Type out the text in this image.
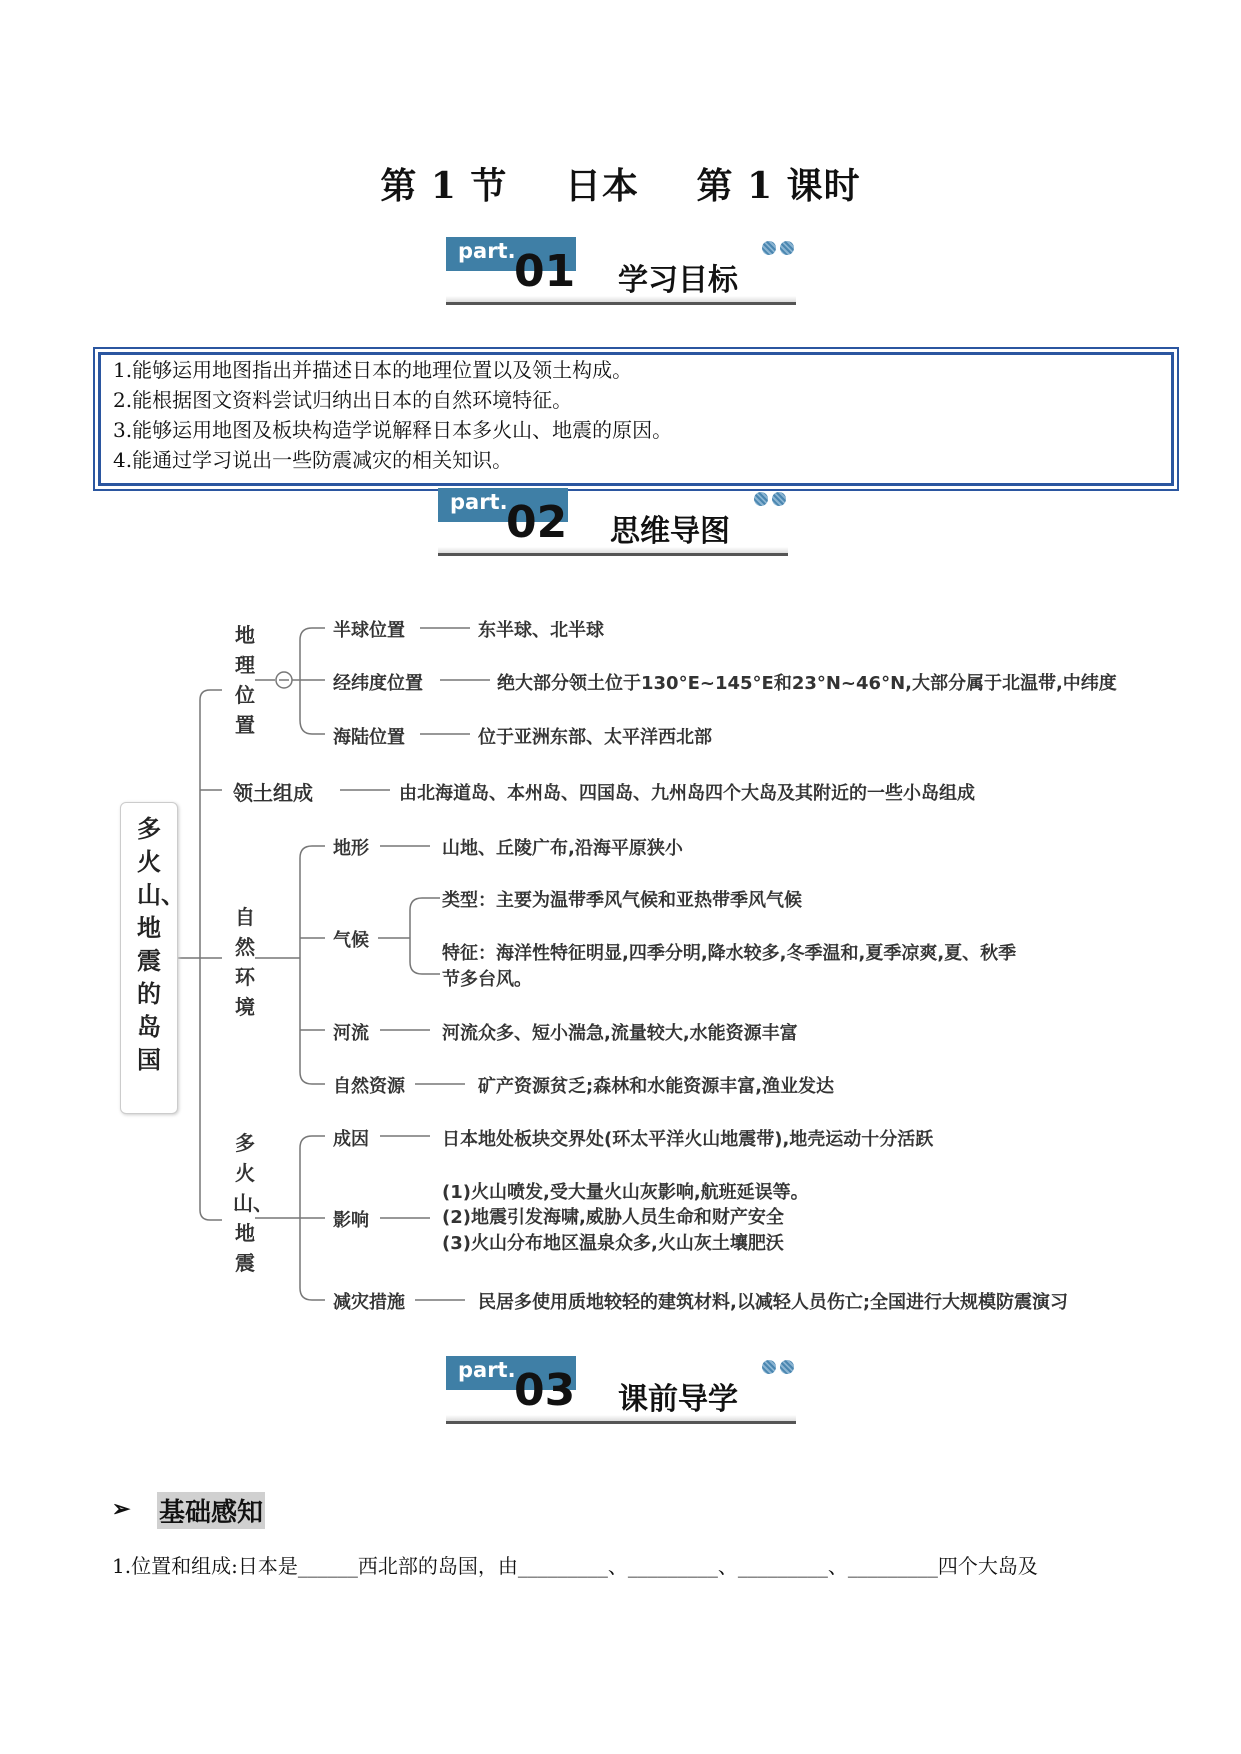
第 1 节 日本 第 1 课时
part.
01 学习目标
1.能够运用地图指出并描述日本的地理位置以及领土构成。
2.能根据图文资料尝试归纳出日本的自然环境特征。
3.能够运用地图及板块构造学说解释日本多火山、地震的原因。
4.能通过学习说出一些防震减灾的相关知识。
part.
02 思维导图
多火山、地震的岛国
地理位置
半球位置	东半球、北半球
经纬度位置	绝大部分领土位于130°E~145°E和23°N~46°N,大部分属于北温带,中纬度
海陆位置	位于亚洲东部、太平洋西北部
领土组成	由北海道岛、本州岛、四国岛、九州岛四个大岛及其附近的一些小岛组成
自然环境
地形	山地、丘陵广布,沿海平原狭小
气候
类型：主要为温带季风气候和亚热带季风气候
特征：海洋性特征明显,四季分明,降水较多,冬季温和,夏季凉爽,夏、秋季
节多台风。
河流	河流众多、短小湍急,流量较大,水能资源丰富
自然资源	矿产资源贫乏;森林和水能资源丰富,渔业发达
多火山、地震
成因	日本地处板块交界处(环太平洋火山地震带),地壳运动十分活跃
影响
(1)火山喷发,受大量火山灰影响,航班延误等。
(2)地震引发海啸,威胁人员生命和财产安全
(3)火山分布地区温泉众多,火山灰土壤肥沃
减灾措施	民居多使用质地较轻的建筑材料,以减轻人员伤亡;全国进行大规模防震演习
part.
03 课前导学
➢ 基础感知
1.位置和组成:日本是______西北部的岛国，由_________、_________、_________、_________四个大岛及
